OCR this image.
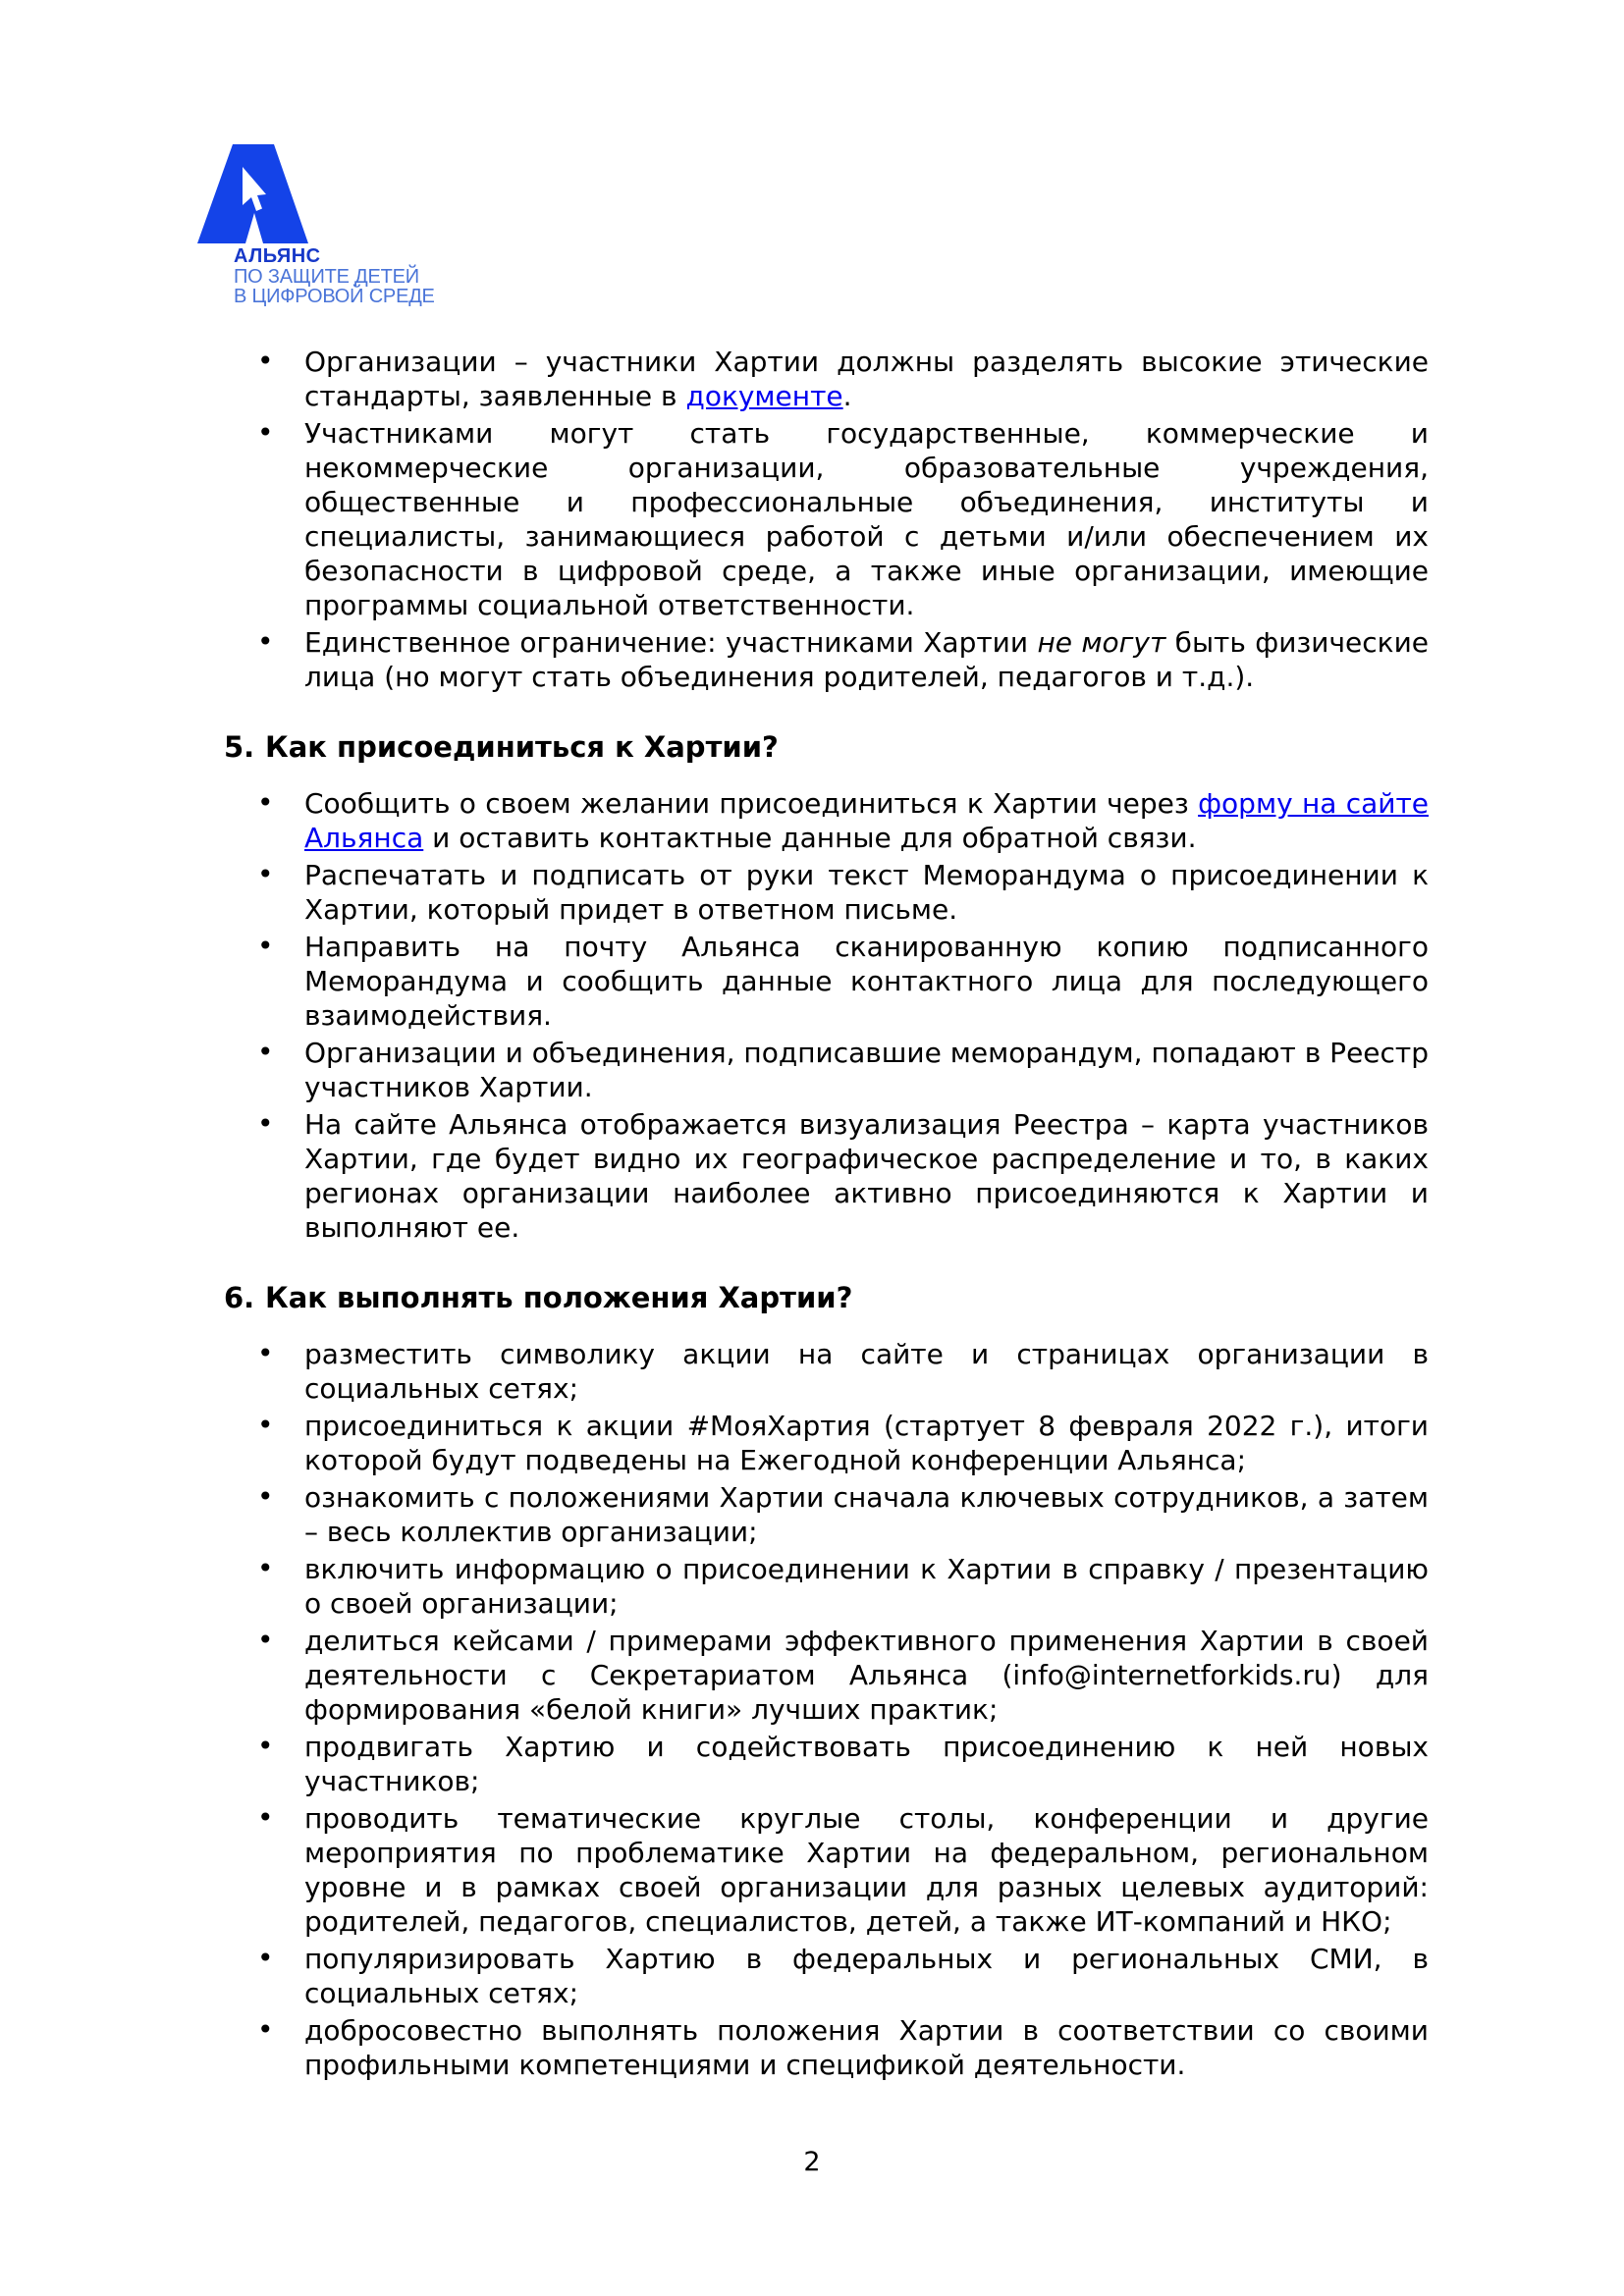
АЛЬЯНС
ПО ЗАЩИТЕ ДЕТЕЙ
В ЦИФРОВОЙ СРЕДЕ
• Организации – участники Хартии должны разделять высокие этические стандарты, заявленные в документе.
• Участниками могут стать государственные, коммерческие и некоммерческие организации, образовательные учреждения, общественные и профессиональные объединения, институты и специалисты, занимающиеся работой с детьми и/или обеспечением их безопасности в цифровой среде, а также иные организации, имеющие программы социальной ответственности.
• Единственное ограничение: участниками Хартии не могут быть физические лица (но могут стать объединения родителей, педагогов и т.д.).
5. Как присоединиться к Хартии?
• Сообщить о своем желании присоединиться к Хартии через форму на сайте Альянса и оставить контактные данные для обратной связи.
• Распечатать и подписать от руки текст Меморандума о присоединении к Хартии, который придет в ответном письме.
• Направить на почту Альянса сканированную копию подписанного Меморандума и сообщить данные контактного лица для последующего взаимодействия.
• Организации и объединения, подписавшие меморандум, попадают в Реестр участников Хартии.
• На сайте Альянса отображается визуализация Реестра – карта участников Хартии, где будет видно их географическое распределение и то, в каких регионах организации наиболее активно присоединяются к Хартии и выполняют ее.
6. Как выполнять положения Хартии?
• разместить символику акции на сайте и страницах организации в социальных сетях;
• присоединиться к акции #МояХартия (стартует 8 февраля 2022 г.), итоги которой будут подведены на Ежегодной конференции Альянса;
• ознакомить с положениями Хартии сначала ключевых сотрудников, а затем – весь коллектив организации;
• включить информацию о присоединении к Хартии в справку / презентацию о своей организации;
• делиться кейсами / примерами эффективного применения Хартии в своей деятельности с Секретариатом Альянса (info@internetforkids.ru) для формирования «белой книги» лучших практик;
• продвигать Хартию и содействовать присоединению к ней новых участников;
• проводить тематические круглые столы, конференции и другие мероприятия по проблематике Хартии на федеральном, региональном уровне и в рамках своей организации для разных целевых аудиторий: родителей, педагогов, специалистов, детей, а также ИТ-компаний и НКО;
• популяризировать Хартию в федеральных и региональных СМИ, в социальных сетях;
• добросовестно выполнять положения Хартии в соответствии со своими профильными компетенциями и спецификой деятельности.
2
